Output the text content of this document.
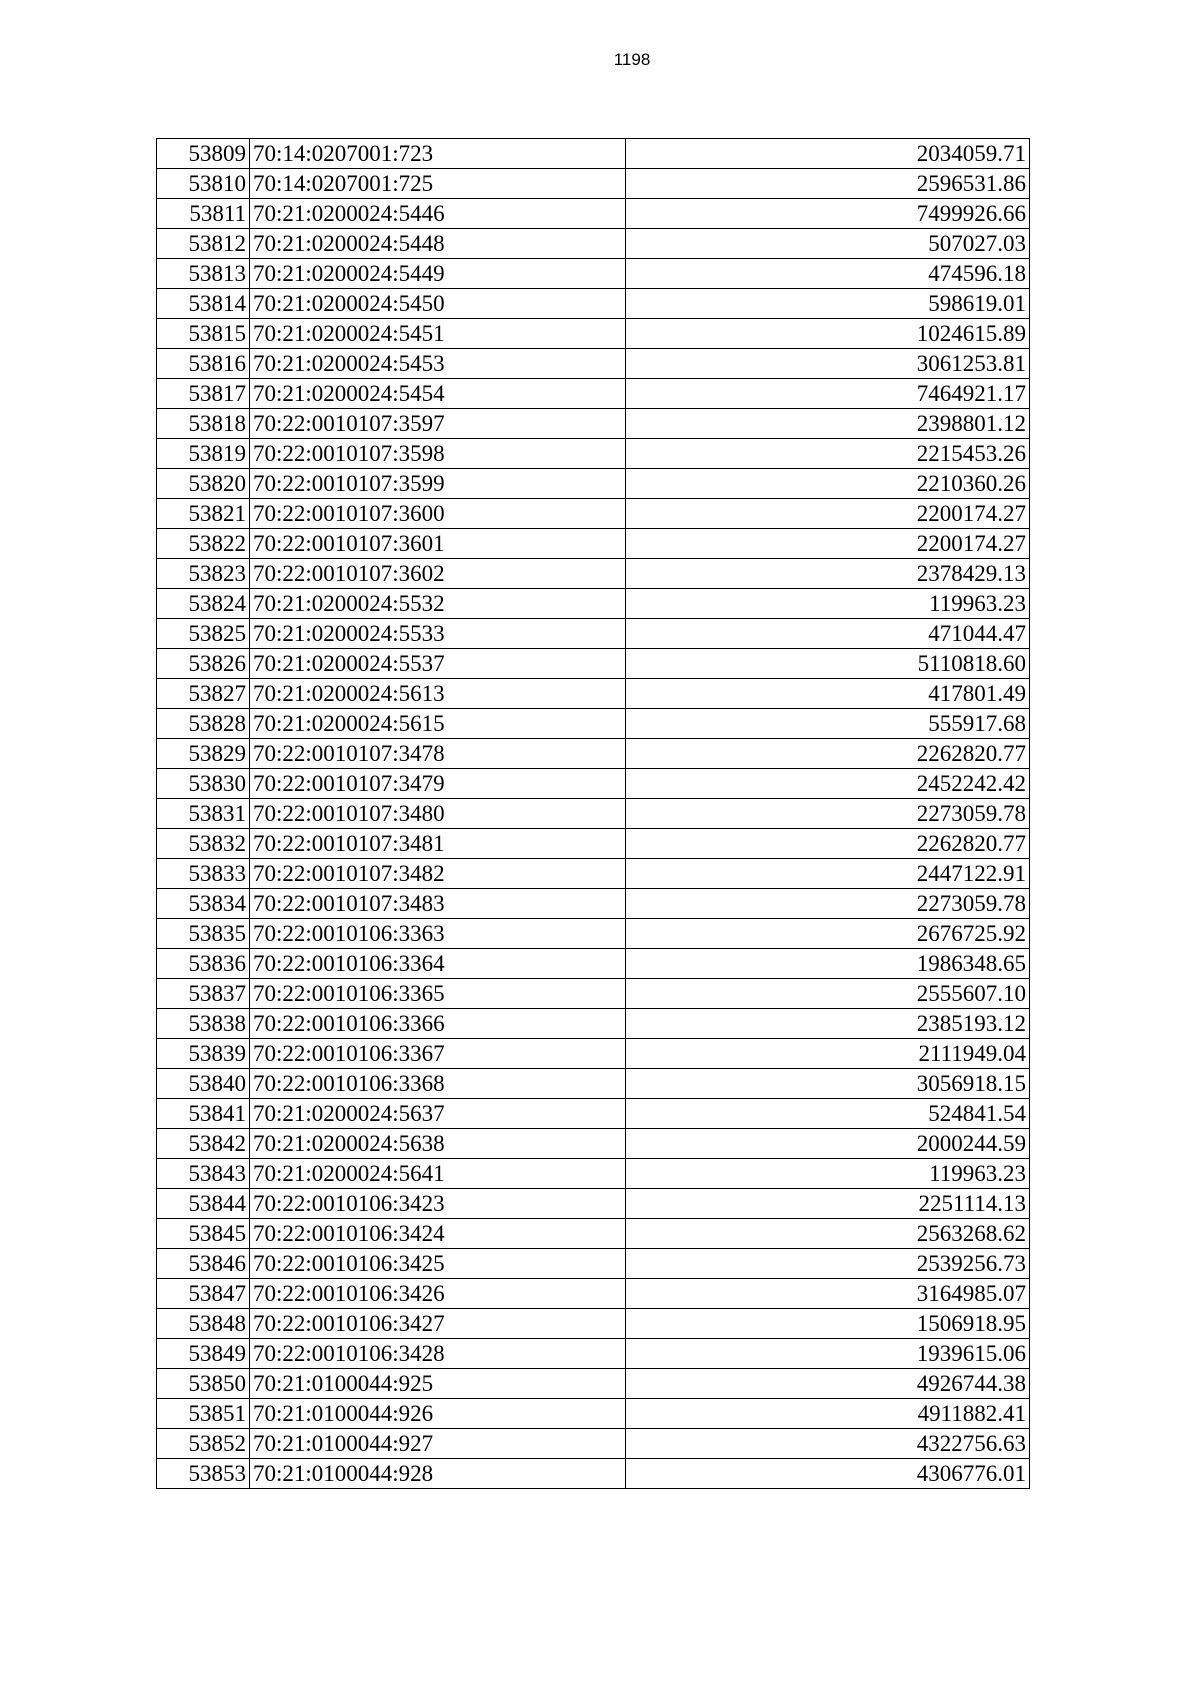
1198
53809	70:14:0207001:723	2034059.71
53810	70:14:0207001:725	2596531.86
53811	70:21:0200024:5446	7499926.66
53812	70:21:0200024:5448	507027.03
53813	70:21:0200024:5449	474596.18
53814	70:21:0200024:5450	598619.01
53815	70:21:0200024:5451	1024615.89
53816	70:21:0200024:5453	3061253.81
53817	70:21:0200024:5454	7464921.17
53818	70:22:0010107:3597	2398801.12
53819	70:22:0010107:3598	2215453.26
53820	70:22:0010107:3599	2210360.26
53821	70:22:0010107:3600	2200174.27
53822	70:22:0010107:3601	2200174.27
53823	70:22:0010107:3602	2378429.13
53824	70:21:0200024:5532	119963.23
53825	70:21:0200024:5533	471044.47
53826	70:21:0200024:5537	5110818.60
53827	70:21:0200024:5613	417801.49
53828	70:21:0200024:5615	555917.68
53829	70:22:0010107:3478	2262820.77
53830	70:22:0010107:3479	2452242.42
53831	70:22:0010107:3480	2273059.78
53832	70:22:0010107:3481	2262820.77
53833	70:22:0010107:3482	2447122.91
53834	70:22:0010107:3483	2273059.78
53835	70:22:0010106:3363	2676725.92
53836	70:22:0010106:3364	1986348.65
53837	70:22:0010106:3365	2555607.10
53838	70:22:0010106:3366	2385193.12
53839	70:22:0010106:3367	2111949.04
53840	70:22:0010106:3368	3056918.15
53841	70:21:0200024:5637	524841.54
53842	70:21:0200024:5638	2000244.59
53843	70:21:0200024:5641	119963.23
53844	70:22:0010106:3423	2251114.13
53845	70:22:0010106:3424	2563268.62
53846	70:22:0010106:3425	2539256.73
53847	70:22:0010106:3426	3164985.07
53848	70:22:0010106:3427	1506918.95
53849	70:22:0010106:3428	1939615.06
53850	70:21:0100044:925	4926744.38
53851	70:21:0100044:926	4911882.41
53852	70:21:0100044:927	4322756.63
53853	70:21:0100044:928	4306776.01
